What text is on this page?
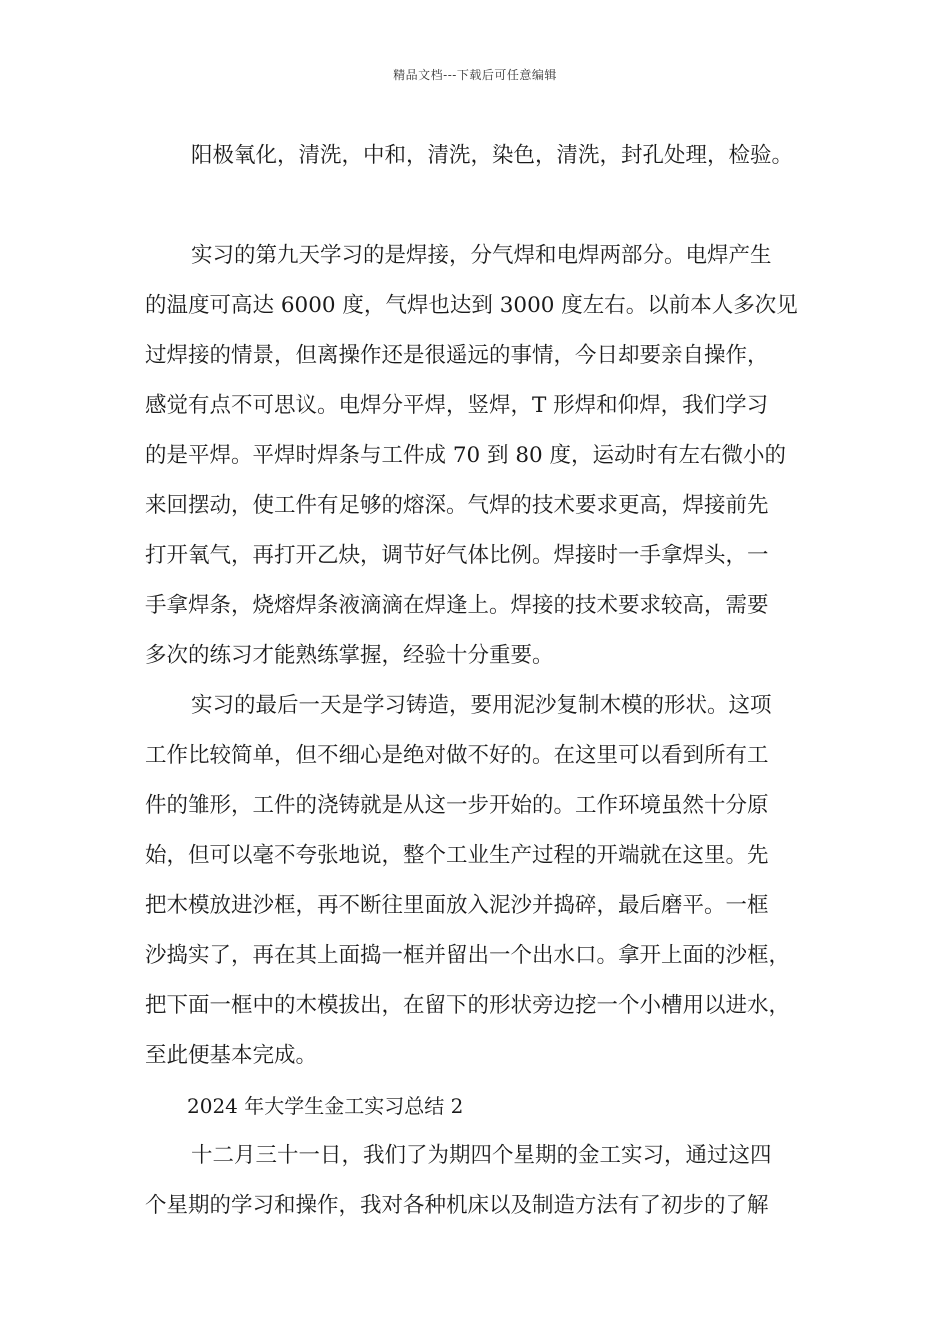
精品文档---下载后可任意编辑
阳极氧化，清洗，中和，清洗，染色，清洗，封孔处理，检验。
实习的第九天学习的是焊接，分气焊和电焊两部分。电焊产生
的温度可高达 6000 度，气焊也达到 3000 度左右。以前本人多次见
过焊接的情景，但离操作还是很遥远的事情，今日却要亲自操作，
感觉有点不可思议。电焊分平焊，竖焊，T 形焊和仰焊，我们学习
的是平焊。平焊时焊条与工件成 70 到 80 度，运动时有左右微小的
来回摆动，使工件有足够的熔深。气焊的技术要求更高，焊接前先
打开氧气，再打开乙炔，调节好气体比例。焊接时一手拿焊头，一
手拿焊条，烧熔焊条液滴滴在焊逢上。焊接的技术要求较高，需要
多次的练习才能熟练掌握，经验十分重要。
实习的最后一天是学习铸造，要用泥沙复制木模的形状。这项
工作比较简单，但不细心是绝对做不好的。在这里可以看到所有工
件的雏形，工件的浇铸就是从这一步开始的。工作环境虽然十分原
始，但可以毫不夸张地说，整个工业生产过程的开端就在这里。先
把木模放进沙框，再不断往里面放入泥沙并捣碎，最后磨平。一框
沙捣实了，再在其上面捣一框并留出一个出水口。拿开上面的沙框，
把下面一框中的木模拔出，在留下的形状旁边挖一个小槽用以进水，
至此便基本完成。
2024 年大学生金工实习总结 2
十二月三十一日，我们了为期四个星期的金工实习，通过这四
个星期的学习和操作，我对各种机床以及制造方法有了初步的了解
